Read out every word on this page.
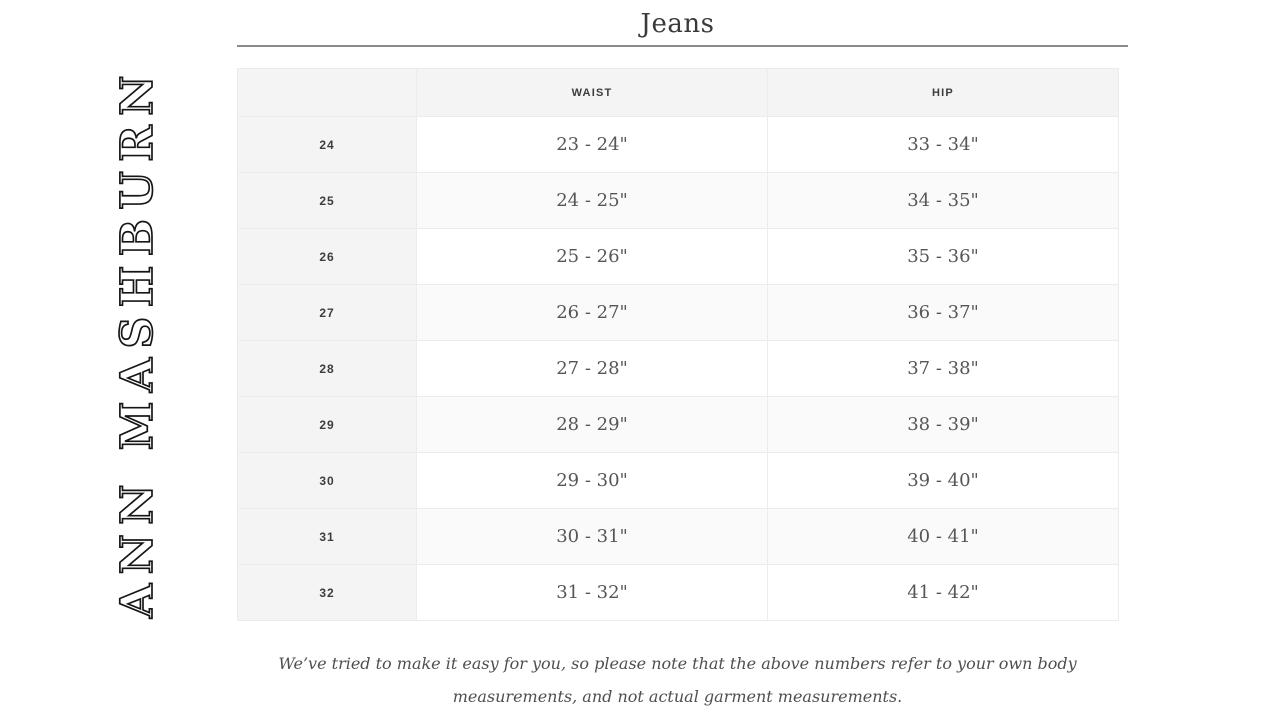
ANN MASHBURN
Jeans
	WAIST	HIP
24	23 - 24"	33 - 34"
25	24 - 25"	34 - 35"
26	25 - 26"	35 - 36"
27	26 - 27"	36 - 37"
28	27 - 28"	37 - 38"
29	28 - 29"	38 - 39"
30	29 - 30"	39 - 40"
31	30 - 31"	40 - 41"
32	31 - 32"	41 - 42"

We’ve tried to make it easy for you, so please note that the above numbers refer to your own body measurements, and not actual garment measurements.
